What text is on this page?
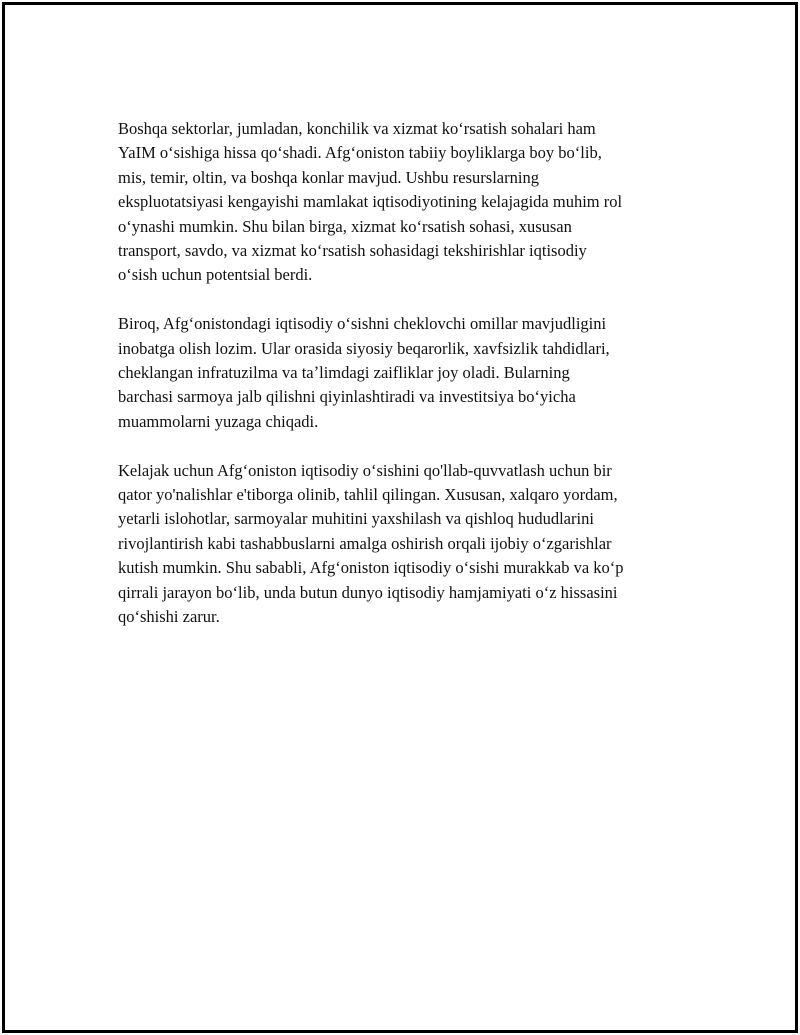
Boshqa sektorlar, jumladan, konchilik va xizmat koʻrsatish sohalari ham
YaIM oʻsishiga hissa qoʻshadi. Afgʻoniston tabiiy boyliklarga boy boʻlib,
mis, temir, oltin, va boshqa konlar mavjud. Ushbu resurslarning
ekspluotatsiyasi kengayishi mamlakat iqtisodiyotining kelajagida muhim rol
oʻynashi mumkin. Shu bilan birga, xizmat koʻrsatish sohasi, xususan
transport, savdo, va xizmat koʻrsatish sohasidagi tekshirishlar iqtisodiy
oʻsish uchun potentsial berdi.

Biroq, Afgʻonistondagi iqtisodiy oʻsishni cheklovchi omillar mavjudligini
inobatga olish lozim. Ular orasida siyosiy beqarorlik, xavfsizlik tahdidlari,
cheklangan infratuzilma va taʼlimdagi zaifliklar joy oladi. Bularning
barchasi sarmoya jalb qilishni qiyinlashtiradi va investitsiya boʻyicha
muammolarni yuzaga chiqadi.

Kelajak uchun Afgʻoniston iqtisodiy oʻsishini qo'llab-quvvatlash uchun bir
qator yo'nalishlar e'tiborga olinib, tahlil qilingan. Xususan, xalqaro yordam,
yetarli islohotlar, sarmoyalar muhitini yaxshilash va qishloq hududlarini
rivojlantirish kabi tashabbuslarni amalga oshirish orqali ijobiy oʻzgarishlar
kutish mumkin. Shu sababli, Afgʻoniston iqtisodiy oʻsishi murakkab va koʻp
qirrali jarayon boʻlib, unda butun dunyo iqtisodiy hamjamiyati oʻz hissasini
qoʻshishi zarur.
